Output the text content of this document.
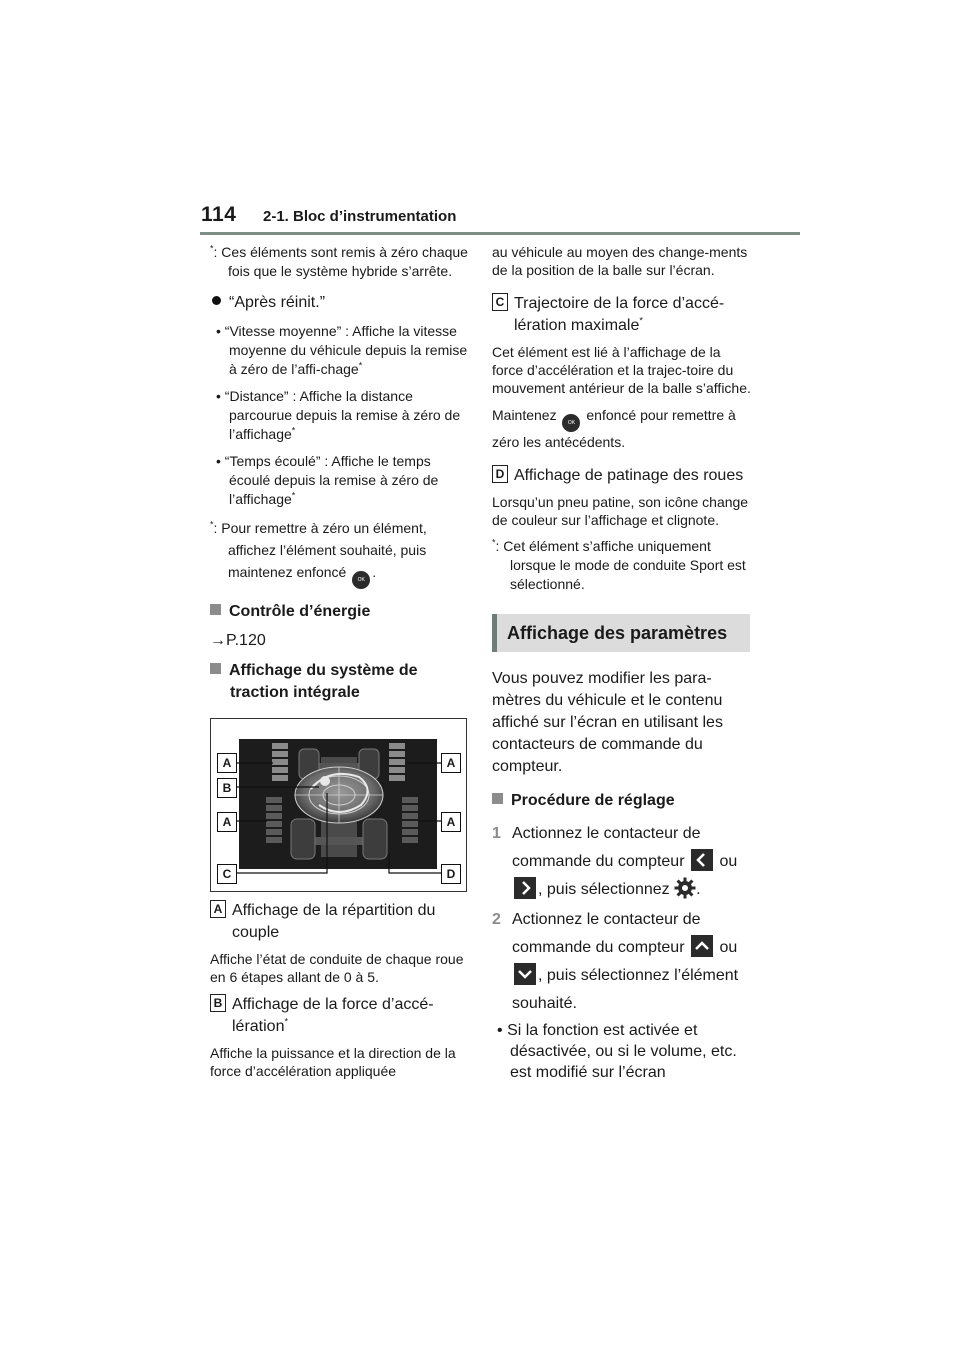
114 2-1. Bloc d’instrumentation

*: Ces éléments sont remis à zéro chaque fois que le système hybride s’arrête.

“Après réinit.”

• “Vitesse moyenne” : Affiche la vitesse moyenne du véhicule depuis la remise à zéro de l’affi-chage*

• “Distance” : Affiche la distance parcourue depuis la remise à zéro de l’affichage*

• “Temps écoulé” : Affiche le temps écoulé depuis la remise à zéro de l’affichage*

*: Pour remettre à zéro un élément, affichez l’élément souhaité, puis maintenez enfoncé OK .

Contrôle d’énergie

→P.120

Affichage du système de traction intégrale

A
B
A
C
A
A
D

A Affichage de la répartition du couple

Affiche l’état de conduite de chaque roue en 6 étapes allant de 0 à 5.

B Affichage de la force d’accé-lération*

Affiche la puissance et la direction de la force d’accélération appliquée

au véhicule au moyen des change-ments de la position de la balle sur l’écran.

C Trajectoire de la force d’accé-lération maximale*

Cet élément est lié à l’affichage de la force d’accélération et la trajec-toire du mouvement antérieur de la balle s’affiche.

Maintenez OK enfoncé pour remettre à zéro les antécédents.

D Affichage de patinage des roues

Lorsqu’un pneu patine, son icône change de couleur sur l’affichage et clignote.

*: Cet élément s’affiche uniquement lorsque le mode de conduite Sport est sélectionné.

Affichage des paramètres

Vous pouvez modifier les para-mètres du véhicule et le contenu affiché sur l’écran en utilisant les contacteurs de commande du compteur.

Procédure de réglage

1 Actionnez le contacteur de commande du compteur ou , puis sélectionnez .

2 Actionnez le contacteur de commande du compteur ou , puis sélectionnez l’élément souhaité.

• Si la fonction est activée et désactivée, ou si le volume, etc. est modifié sur l’écran
